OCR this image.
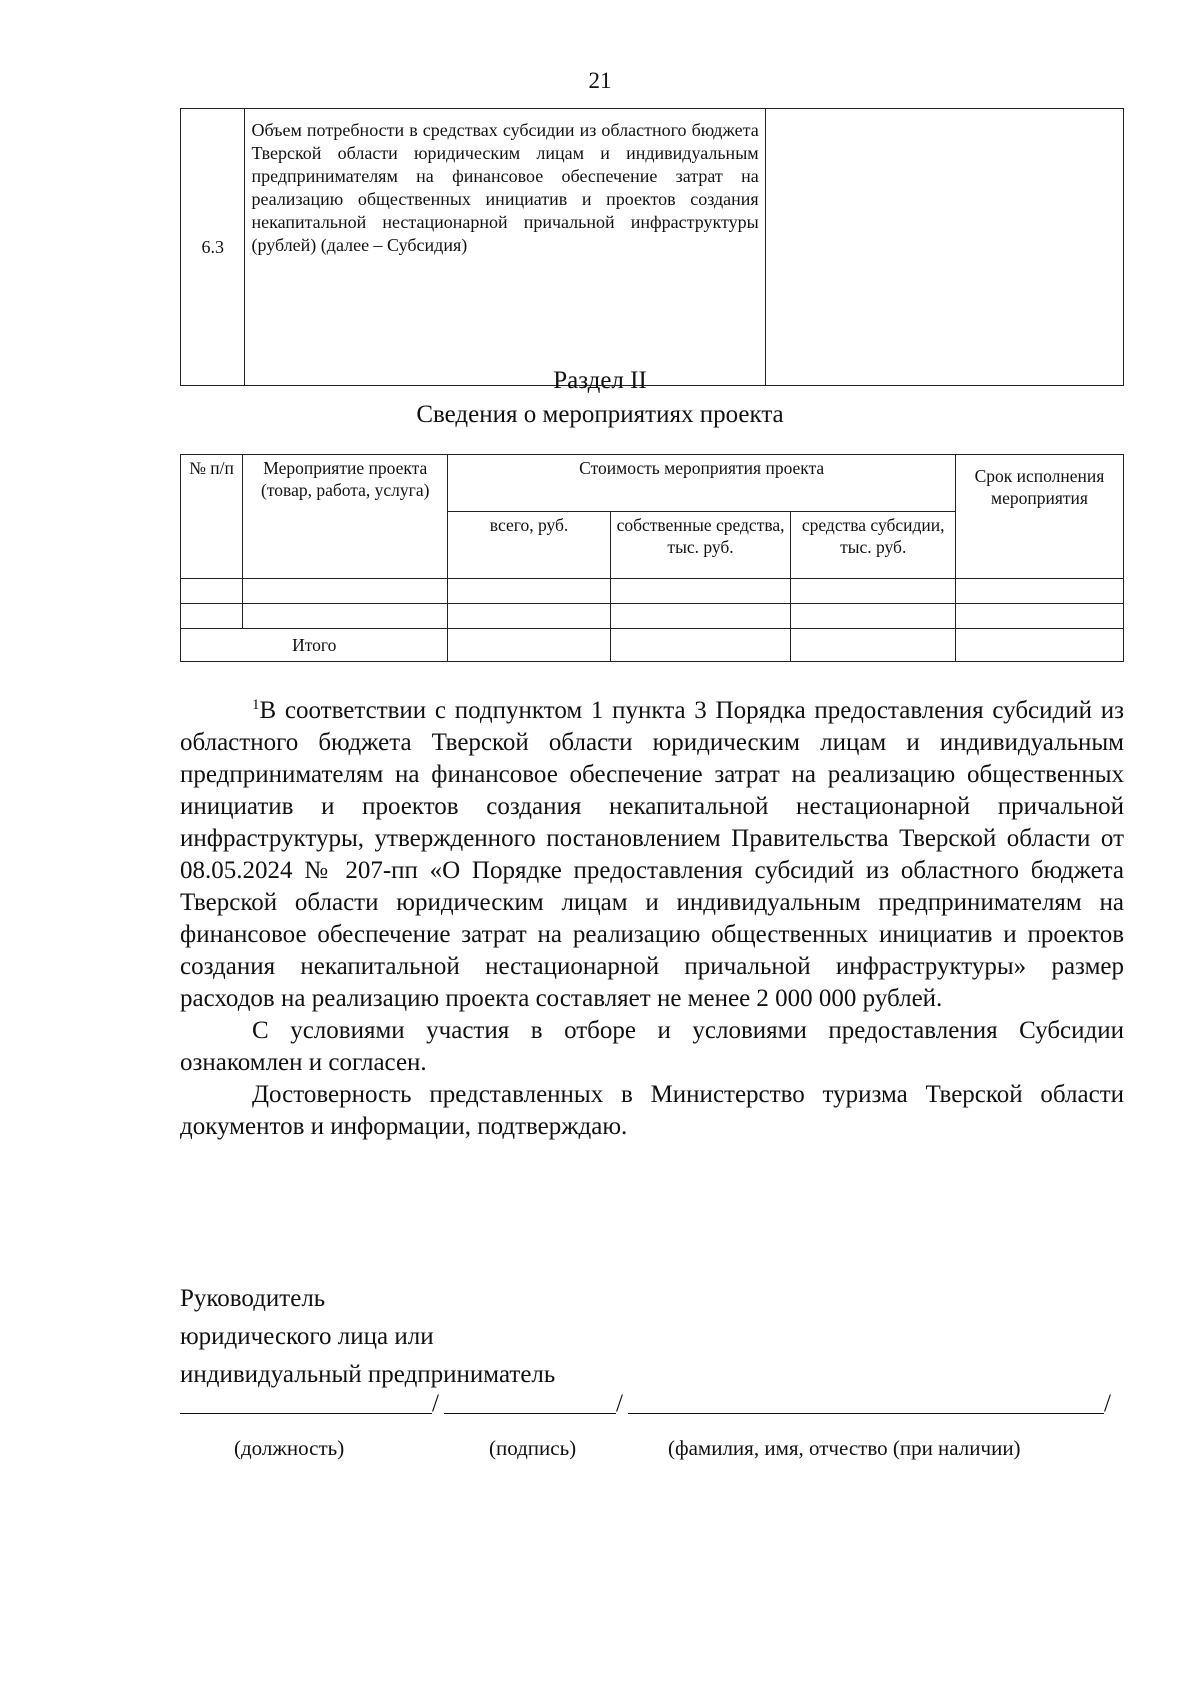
21
6.3	Объем потребности в средствах субсидии из областного бюджета Тверской области юридическим лицам и индивидуальным предпринимателям на финансовое обеспечение затрат на реализацию общественных инициатив и проектов создания некапитальной нестационарной причальной инфраструктуры (рублей) (далее – Субсидия)	
Раздел II
Сведения о мероприятиях проекта
№ п/п	Мероприятие проекта (товар, работа, услуга)	Стоимость мероприятия проекта			Срок исполнения мероприятия
		всего, руб.	собственные средства, тыс. руб.	средства субсидии, тыс. руб.	

Итого					

$^1$В соответствии с подпунктом 1 пункта 3 Порядка предоставления субсидий из областного бюджета Тверской области юридическим лицам и индивидуальным предпринимателям на финансовое обеспечение затрат на реализацию общественных инициатив и проектов создания некапитальной нестационарной причальной инфраструктуры, утвержденного постановлением Правительства Тверской области от 08.05.2024 № 207-пп «О Порядке предоставления субсидий из областного бюджета Тверской области юридическим лицам и индивидуальным предпринимателям на финансовое обеспечение затрат на реализацию общественных инициатив и проектов создания некапитальной нестационарной причальной инфраструктуры» размер расходов на реализацию проекта составляет не менее 2 000 000 рублей.

С условиями участия в отборе и условиями предоставления Субсидии ознакомлен и согласен.

Достоверность представленных в Министерство туризма Тверской области документов и информации, подтверждаю.

Руководитель
юридического лица или
индивидуальный предприниматель
/	/	/
(должность)	(подпись)	(фамилия, имя, отчество (при наличии)
